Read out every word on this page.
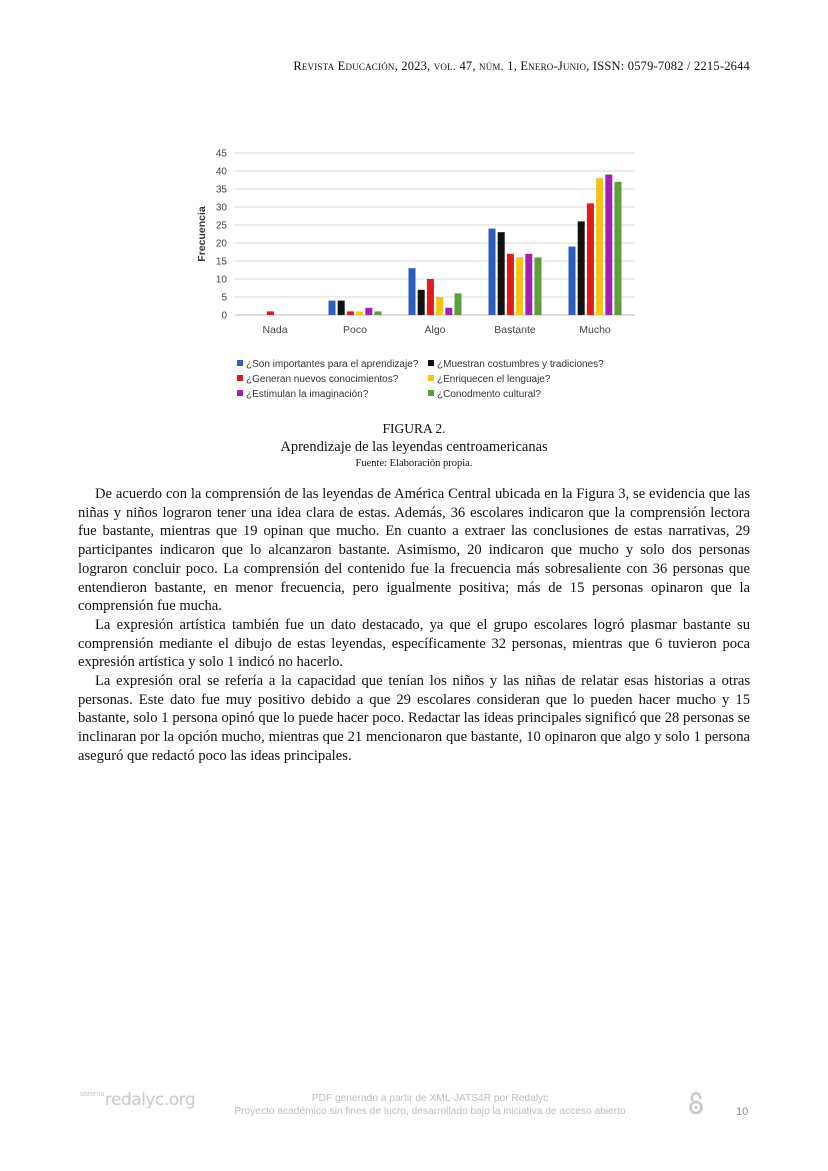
Revista Educación, 2023, vol. 47, núm. 1, Enero-Junio, ISSN: 0579-7082 / 2215-2644
0
5
10
15
20
25
30
35
40
45
Frecuencia
Nada	Poco	Algo	Bastante	Mucho
¿Son importantes para el aprendizaje? ¿Muestran costumbres y tradiciones?
¿Generan nuevos conocimientos?	¿Enriquecen el lenguaje?
¿Estimulan la imaginación?	¿Conodmento cultural?
FIGURA 2.
Aprendizaje de las leyendas centroamericanas
Fuente: Elaboración propia.

De acuerdo con la comprensión de las leyendas de América Central ubicada en la Figura 3, se evidencia que las niñas y niños lograron tener una idea clara de estas. Además, 36 escolares indicaron que la comprensión lectora fue bastante, mientras que 19 opinan que mucho. En cuanto a extraer las conclusiones de estas narrativas, 29 participantes indicaron que lo alcanzaron bastante. Asimismo, 20 indicaron que mucho y solo dos personas lograron concluir poco. La comprensión del contenido fue la frecuencia más sobresaliente con 36 personas que entendieron bastante, en menor frecuencia, pero igualmente positiva; más de 15 personas opinaron que la comprensión fue mucha.

La expresión artística también fue un dato destacado, ya que el grupo escolares logró plasmar bastante su comprensión mediante el dibujo de estas leyendas, específicamente 32 personas, mientras que 6 tuvieron poca expresión artística y solo 1 indicó no hacerlo.

La expresión oral se refería a la capacidad que tenían los niños y las niñas de relatar esas historias a otras personas. Este dato fue muy positivo debido a que 29 escolares consideran que lo pueden hacer mucho y 15 bastante, solo 1 persona opinó que lo puede hacer poco. Redactar las ideas principales significó que 28 personas se inclinaran por la opción mucho, mientras que 21 mencionaron que bastante, 10 opinaron que algo y solo 1 persona aseguró que redactó poco las ideas principales.

$^{sistema}$redalyc.org	PDF generado a partir de XML-JATS4R por Redalyc
Proyecto académico sin fines de lucro, desarrollado bajo la iniciativa de acceso abierto	10
